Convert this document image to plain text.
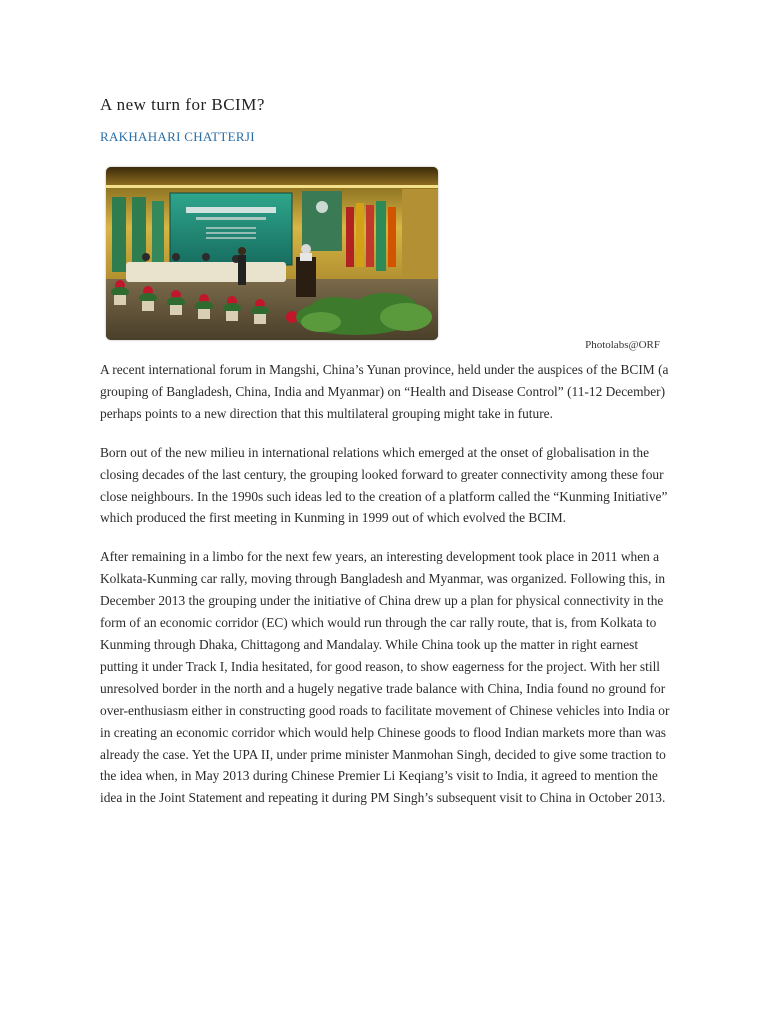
A new turn for BCIM?
RAKHAHARI CHATTERJI
Photolabs@ORF

A recent international forum in Mangshi, China’s Yunan province, held under the auspices of the BCIM (a grouping of Bangladesh, China, India and Myanmar) on “Health and Disease Control” (11-12 December) perhaps points to a new direction that this multilateral grouping might take in future.

Born out of the new milieu in international relations which emerged at the onset of globalisation in the closing decades of the last century, the grouping looked forward to greater connectivity among these four close neighbours. In the 1990s such ideas led to the creation of a platform called the “Kunming Initiative” which produced the first meeting in Kunming in 1999 out of which evolved the BCIM.

After remaining in a limbo for the next few years, an interesting development took place in 2011 when a Kolkata-Kunming car rally, moving through Bangladesh and Myanmar, was organized. Following this, in December 2013 the grouping under the initiative of China drew up a plan for physical connectivity in the form of an economic corridor (EC) which would run through the car rally route, that is, from Kolkata to Kunming through Dhaka, Chittagong and Mandalay. While China took up the matter in right earnest putting it under Track I, India hesitated, for good reason, to show eagerness for the project. With her still unresolved border in the north and a hugely negative trade balance with China, India found no ground for over-enthusiasm either in constructing good roads to facilitate movement of Chinese vehicles into India or in creating an economic corridor which would help Chinese goods to flood Indian markets more than was already the case. Yet the UPA II, under prime minister Manmohan Singh, decided to give some traction to the idea when, in May 2013 during Chinese Premier Li Keqiang’s visit to India, it agreed to mention the idea in the Joint Statement and repeating it during PM Singh’s subsequent visit to China in October 2013.
